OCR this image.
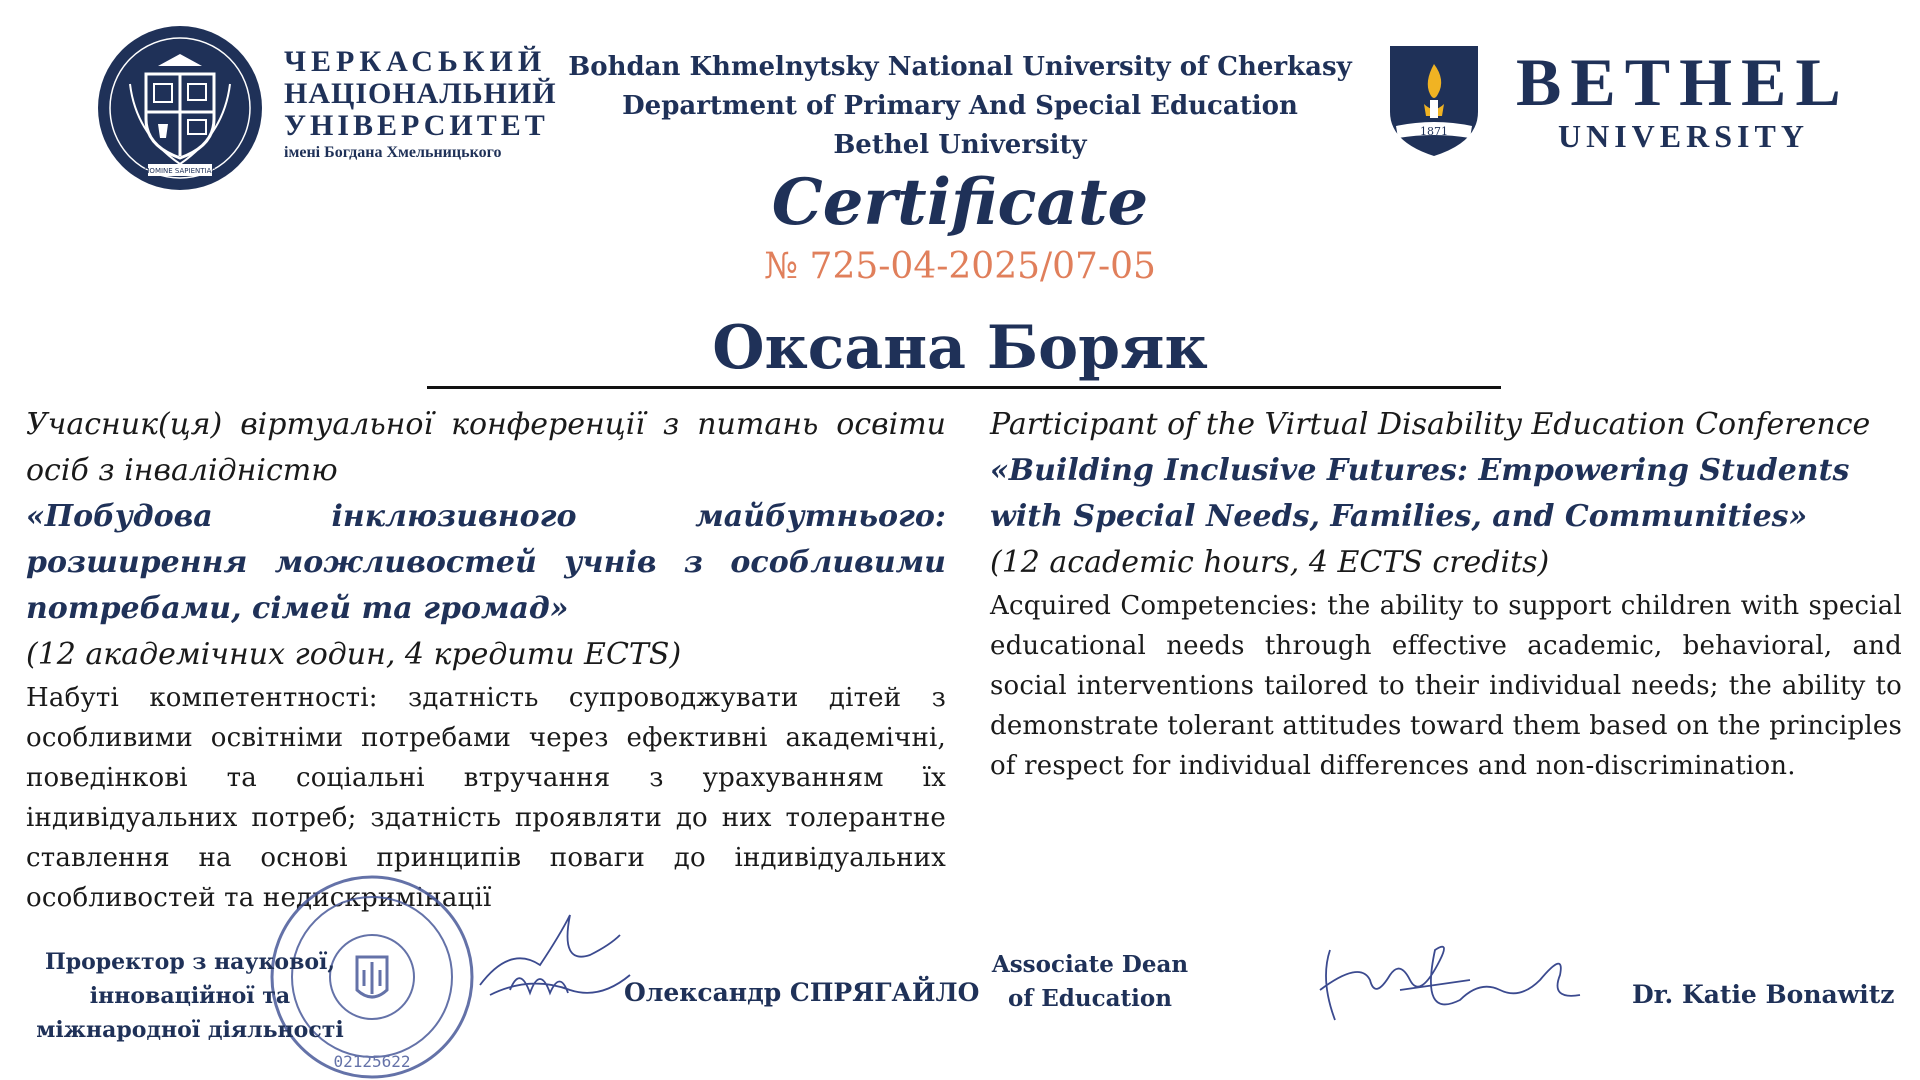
HOMINE SAPIENTIAS
ЧЕРКАСЬКИЙ
НАЦІОНАЛЬНИЙ
УНІВЕРСИТЕТ
імені Богдана Хмельницького
Bohdan Khmelnytsky National University of Cherkasy
Department of Primary And Special Education
Bethel University
Certificate
№ 725-04-2025/07-05
Оксана Боряк
1871
BETHEL
UNIVERSITY
Учасник(ця) віртуальної конференції з питань освіти осіб з інвалідністю
«Побудова інклюзивного майбутнього: розширення можливостей учнів з особливими потребами, сімей та громад»
(12 академічних годин, 4 кредити ECTS)
Набуті компетентності: здатність супроводжувати дітей з особливими освітніми потребами через ефективні академічні, поведінкові та соціальні втручання з урахуванням їх індивідуальних потреб; здатність проявляти до них толерантне ставлення на основі принципів поваги до індивідуальних особливостей та недискримінації
Participant of the Virtual Disability Education Conference
«Building Inclusive Futures: Empowering Students
with Special Needs, Families, and Communities»
(12 academic hours, 4 ECTS credits)
Acquired Competencies: the ability to support children with special educational needs through effective academic, behavioral, and social interventions tailored to their individual needs; the ability to demonstrate tolerant attitudes toward them based on the principles of respect for individual differences and non-discrimination.
02125622
Проректор з наукової,
інноваційної та
міжнародної діяльності
Олександр СПРЯГАЙЛО
Associate Dean
of Education	Dr. Katie Bonawitz
